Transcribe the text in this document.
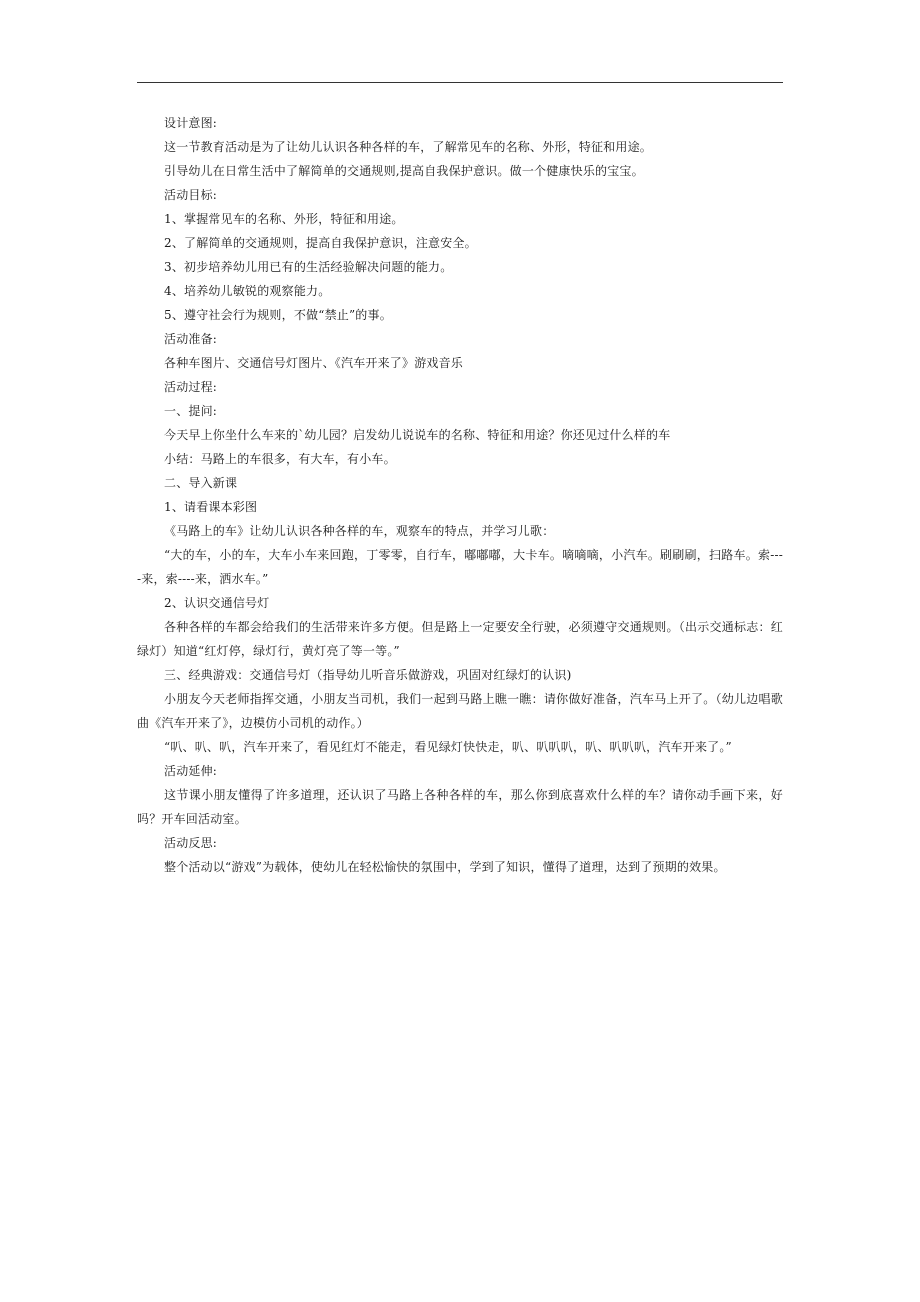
设计意图:
这一节教育活动是为了让幼儿认识各种各样的车，了解常见车的名称、外形，特征和用途。
引导幼儿在日常生活中了解简单的交通规则,提高自我保护意识。做一个健康快乐的宝宝。
活动目标:
1、掌握常见车的名称、外形，特征和用途。
2、了解简单的交通规则，提高自我保护意识，注意安全。
3、初步培养幼儿用已有的生活经验解决问题的能力。
4、培养幼儿敏锐的观察能力。
5、遵守社会行为规则，不做“禁止”的事。
活动准备:
各种车图片、交通信号灯图片、《汽车开来了》游戏音乐
活动过程:
一、提问:
今天早上你坐什么车来的`幼儿园？启发幼儿说说车的名称、特征和用途？你还见过什么样的车
小结：马路上的车很多，有大车，有小车。
二、导入新课
1、请看课本彩图
《马路上的车》让幼儿认识各种各样的车，观察车的特点，并学习儿歌：
“大的车，小的车，大车小车来回跑，丁零零，自行车，嘟嘟嘟，大卡车。嘀嘀嘀，小汽车。刷刷刷，扫路车。索----来，索----来，洒水车。”
2、认识交通信号灯
各种各样的车都会给我们的生活带来许多方便。但是路上一定要安全行驶，必须遵守交通规则。（出示交通标志：红绿灯）知道“红灯停，绿灯行，黄灯亮了等一等。”
三、经典游戏：交通信号灯（指导幼儿听音乐做游戏，巩固对红绿灯的认识)
小朋友今天老师指挥交通，小朋友当司机，我们一起到马路上瞧一瞧：请你做好准备，汽车马上开了。（幼儿边唱歌曲《汽车开来了》，边模仿小司机的动作。）
“叭、叭、叭，汽车开来了，看见红灯不能走，看见绿灯快快走，叭、叭叭叭，叭、叭叭叭，汽车开来了。”
活动延伸:
这节课小朋友懂得了许多道理，还认识了马路上各种各样的车，那么你到底喜欢什么样的车？请你动手画下来，好吗？开车回活动室。
活动反思:
整个活动以“游戏”为载体，使幼儿在轻松愉快的氛围中，学到了知识，懂得了道理，达到了预期的效果。
